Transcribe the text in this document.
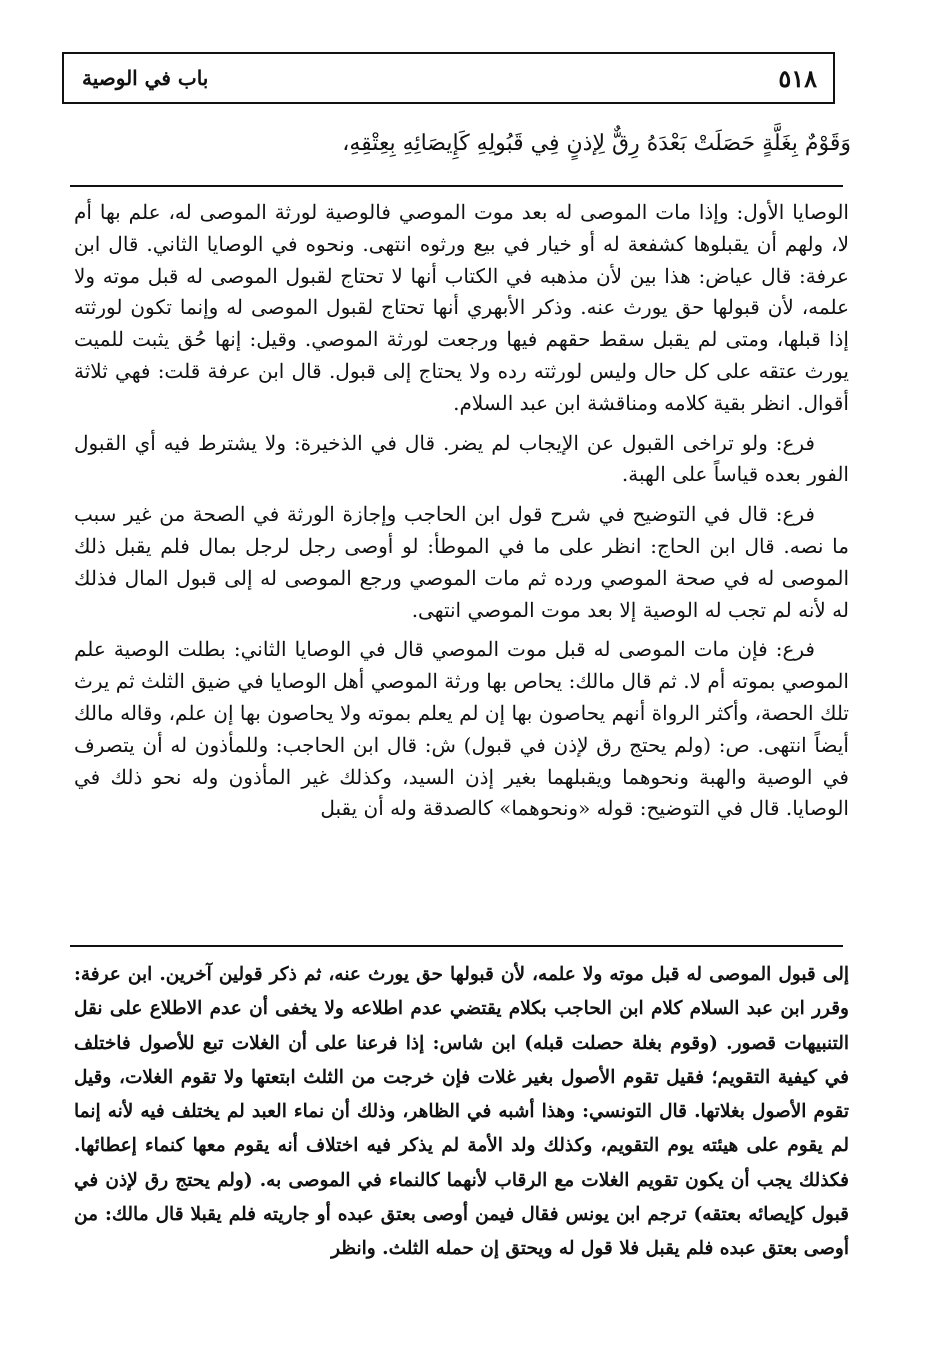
٥١٨
باب في الوصية
وَقَوْمٌ بِغَلَّةٍ حَصَلَتْ بَعْدَهُ رِقٌّ لِإذنٍ فِي قَبُولِهِ كَإِيصَائِهِ بِعِتْقِهِ،

الوصايا الأول: وإذا مات الموصى له بعد موت الموصي فالوصية لورثة الموصى له، علم بها أم لا، ولهم أن يقبلوها كشفعة له أو خيار في بيع ورثوه انتهى. ونحوه في الوصايا الثاني. قال ابن عرفة: قال عياض: هذا بين لأن مذهبه في الكتاب أنها لا تحتاج لقبول الموصى له قبل موته ولا علمه، لأن قبولها حق يورث عنه. وذكر الأبهري أنها تحتاج لقبول الموصى له وإنما تكون لورثته إذا قبلها، ومتى لم يقبل سقط حقهم فيها ورجعت لورثة الموصي. وقيل: إنها حُق يثبت للميت يورث عتقه على كل حال وليس لورثته رده ولا يحتاج إلى قبول. قال ابن عرفة قلت: فهي ثلاثة أقوال. انظر بقية كلامه ومناقشة ابن عبد السلام.

فرع: ولو تراخى القبول عن الإيجاب لم يضر. قال في الذخيرة: ولا يشترط فيه أي القبول الفور بعده قياساً على الهبة.

فرع: قال في التوضيح في شرح قول ابن الحاجب وإجازة الورثة في الصحة من غير سبب ما نصه. قال ابن الحاج: انظر على ما في الموطأ: لو أوصى رجل لرجل بمال فلم يقبل ذلك الموصى له في صحة الموصي ورده ثم مات الموصي ورجع الموصى له إلى قبول المال فذلك له لأنه لم تجب له الوصية إلا بعد موت الموصي انتهى.

فرع: فإن مات الموصى له قبل موت الموصي قال في الوصايا الثاني: بطلت الوصية علم الموصي بموته أم لا. ثم قال مالك: يحاص بها ورثة الموصي أهل الوصايا في ضيق الثلث ثم يرث تلك الحصة، وأكثر الرواة أنهم يحاصون بها إن لم يعلم بموته ولا يحاصون بها إن علم، وقاله مالك أيضاً انتهى. ص: (ولم يحتج رق لإذن في قبول) ش: قال ابن الحاجب: وللمأذون له أن يتصرف في الوصية والهبة ونحوهما ويقبلهما بغير إذن السيد، وكذلك غير المأذون وله نحو ذلك في الوصايا. قال في التوضيح: قوله «ونحوهما» كالصدقة وله أن يقبل

إلى قبول الموصى له قبل موته ولا علمه، لأن قبولها حق يورث عنه، ثم ذكر قولين آخرين. ابن عرفة: وقرر ابن عبد السلام كلام ابن الحاجب بكلام يقتضي عدم اطلاعه ولا يخفى أن عدم الاطلاع على نقل التنبيهات قصور. (وقوم بغلة حصلت قبله) ابن شاس: إذا فرعنا على أن الغلات تبع للأصول فاختلف في كيفية التقويم؛ فقيل تقوم الأصول بغير غلات فإن خرجت من الثلث ابتعتها ولا تقوم الغلات، وقيل تقوم الأصول بغلاتها. قال التونسي: وهذا أشبه في الظاهر، وذلك أن نماء العبد لم يختلف فيه لأنه إنما لم يقوم على هيئته يوم التقويم، وكذلك ولد الأمة لم يذكر فيه اختلاف أنه يقوم معها كنماء إعطائها. فكذلك يجب أن يكون تقويم الغلات مع الرقاب لأنهما كالنماء في الموصى به. (ولم يحتج رق لإذن في قبول كإيصائه بعتقه) ترجم ابن يونس فقال فيمن أوصى بعتق عبده أو جاريته فلم يقبلا قال مالك: من أوصى بعتق عبده فلم يقبل فلا قول له ويحتق إن حمله الثلث. وانظر
